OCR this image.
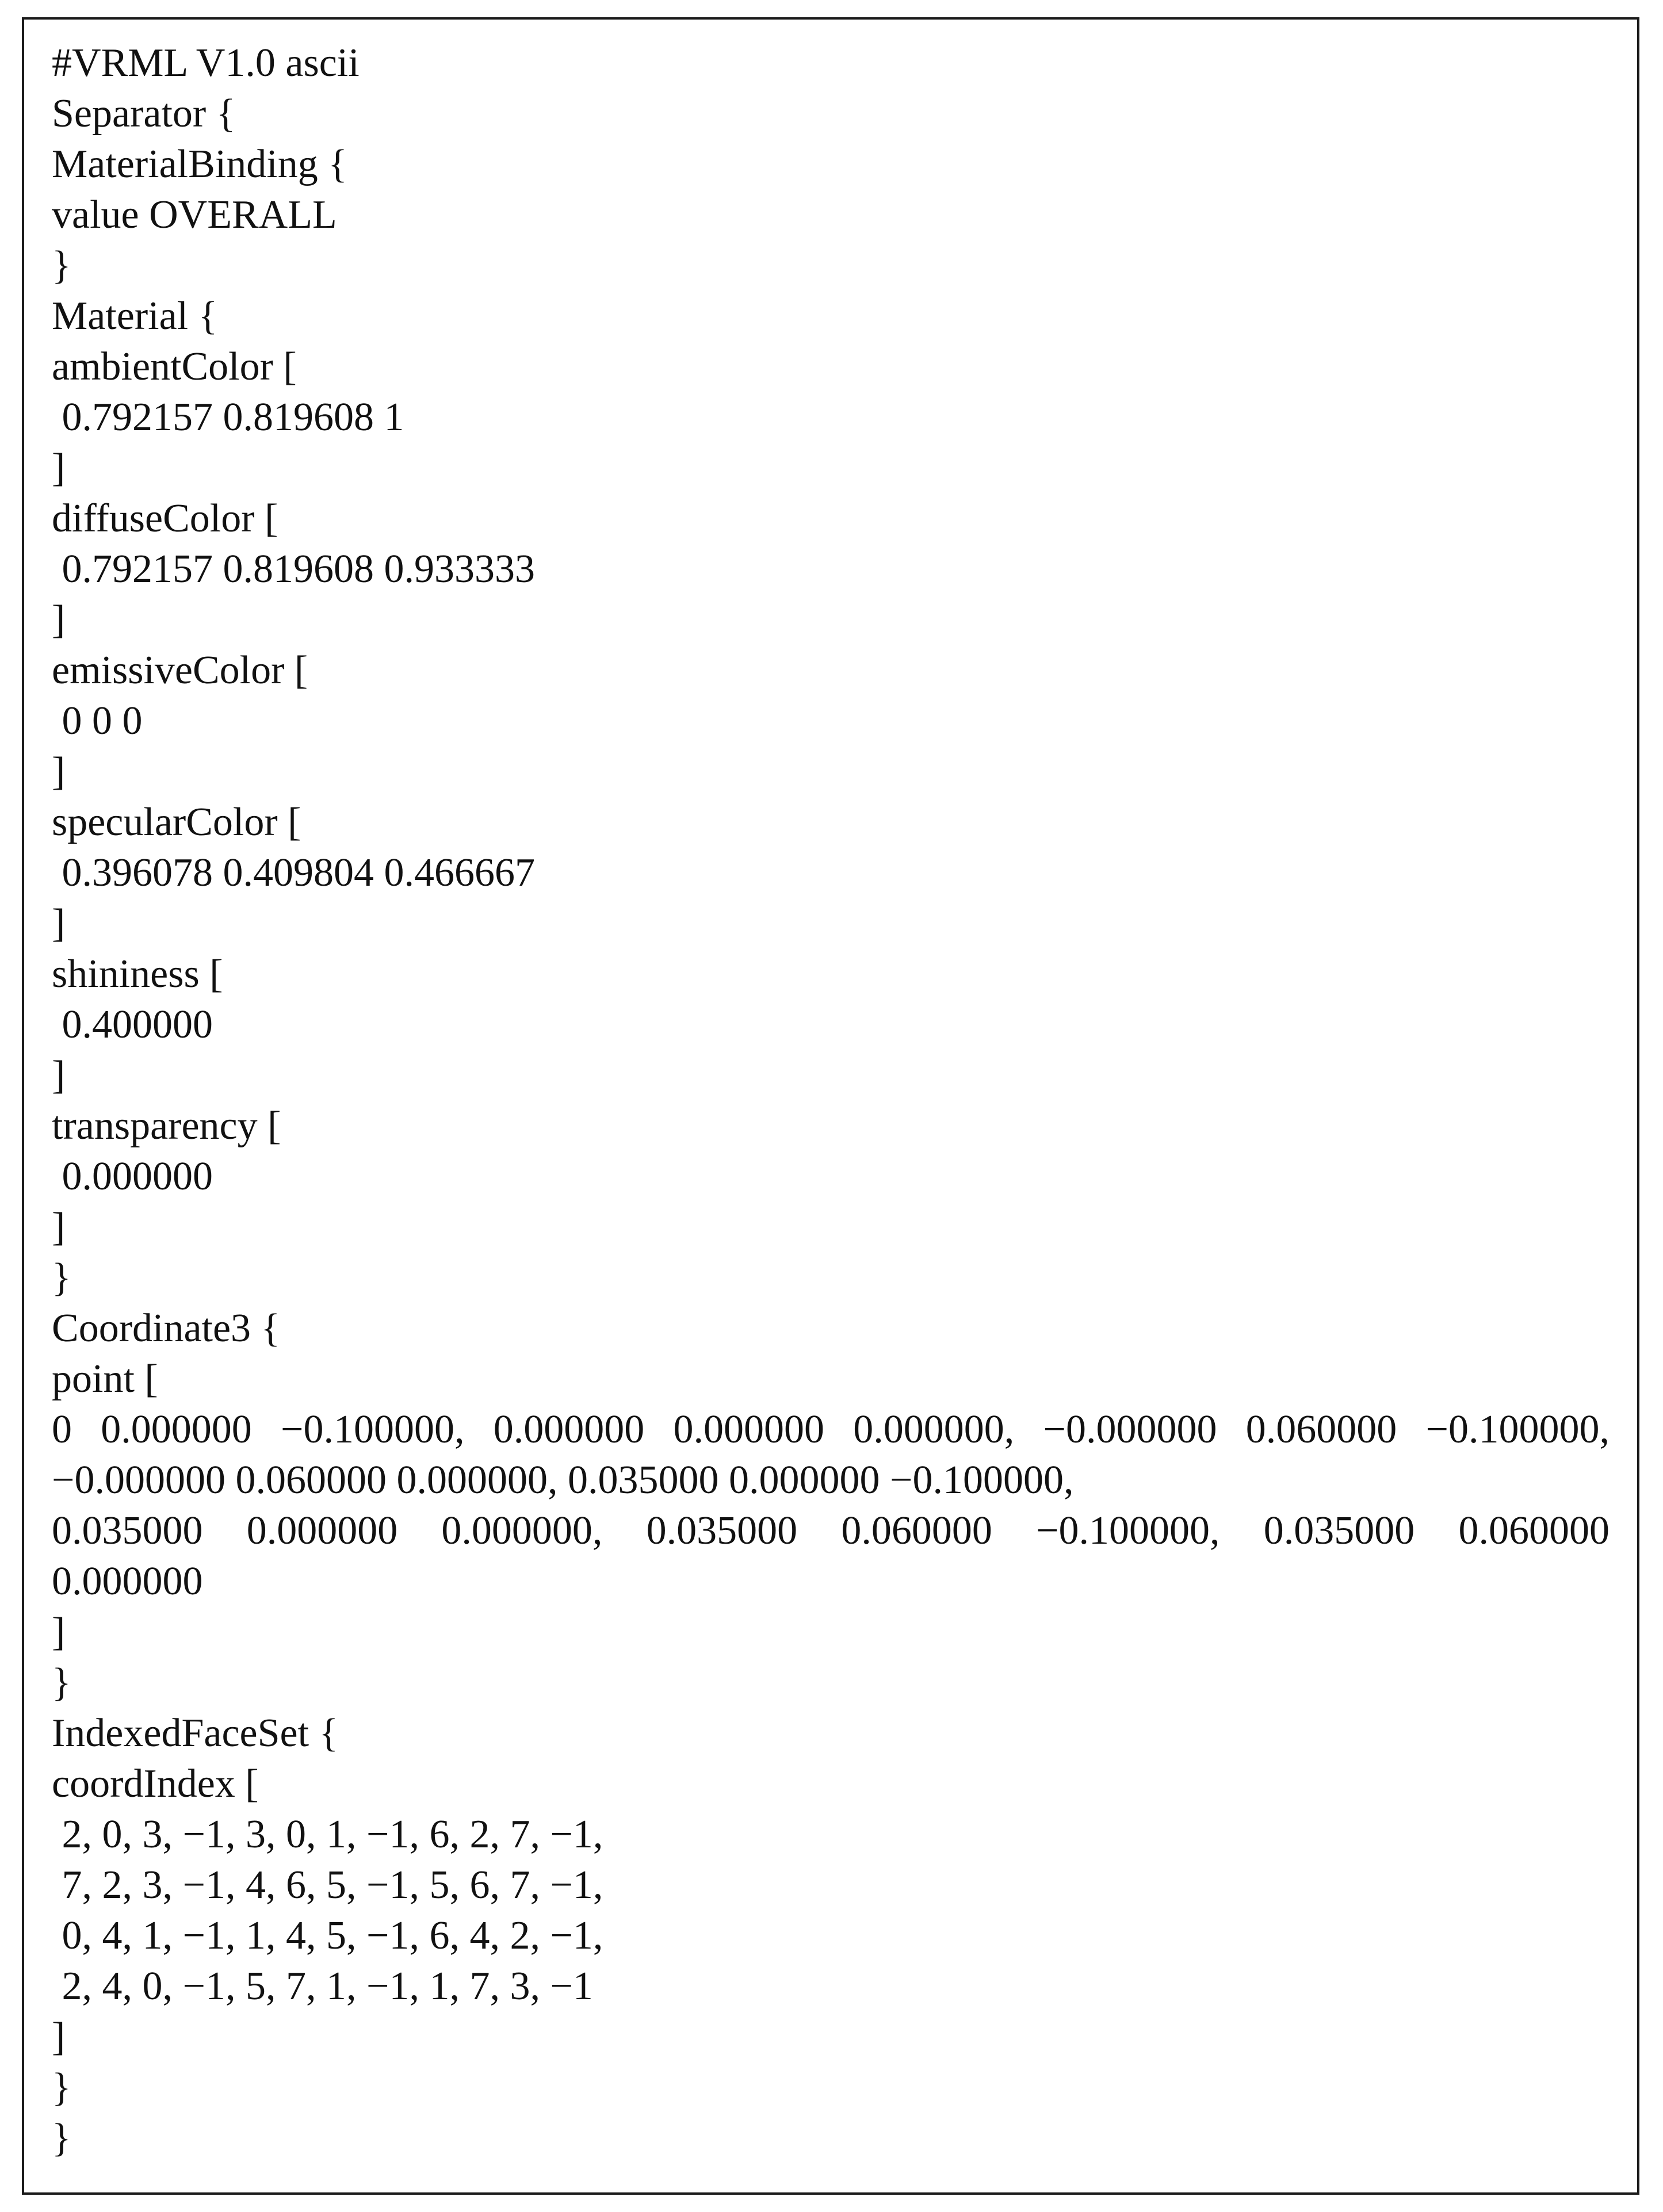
#VRML V1.0 ascii
Separator {
MaterialBinding {
value OVERALL
}
Material {
ambientColor [
0.792157 0.819608 1
]
diffuseColor [
0.792157 0.819608 0.933333
]
emissiveColor [
0 0 0
]
specularColor [
0.396078 0.409804 0.466667
]
shininess [
0.400000
]
transparency [
0.000000
]
}
Coordinate3 {
point [
0 0.000000 −0.100000, 0.000000 0.000000 0.000000, −0.000000 0.060000 −0.100000,
−0.000000 0.060000 0.000000, 0.035000 0.000000 −0.100000,
0.035000 0.000000 0.000000, 0.035000 0.060000 −0.100000, 0.035000 0.060000
0.000000
]
}
IndexedFaceSet {
coordIndex [
2, 0, 3, −1, 3, 0, 1, −1, 6, 2, 7, −1,
7, 2, 3, −1, 4, 6, 5, −1, 5, 6, 7, −1,
0, 4, 1, −1, 1, 4, 5, −1, 6, 4, 2, −1,
2, 4, 0, −1, 5, 7, 1, −1, 1, 7, 3, −1
]
}
}
